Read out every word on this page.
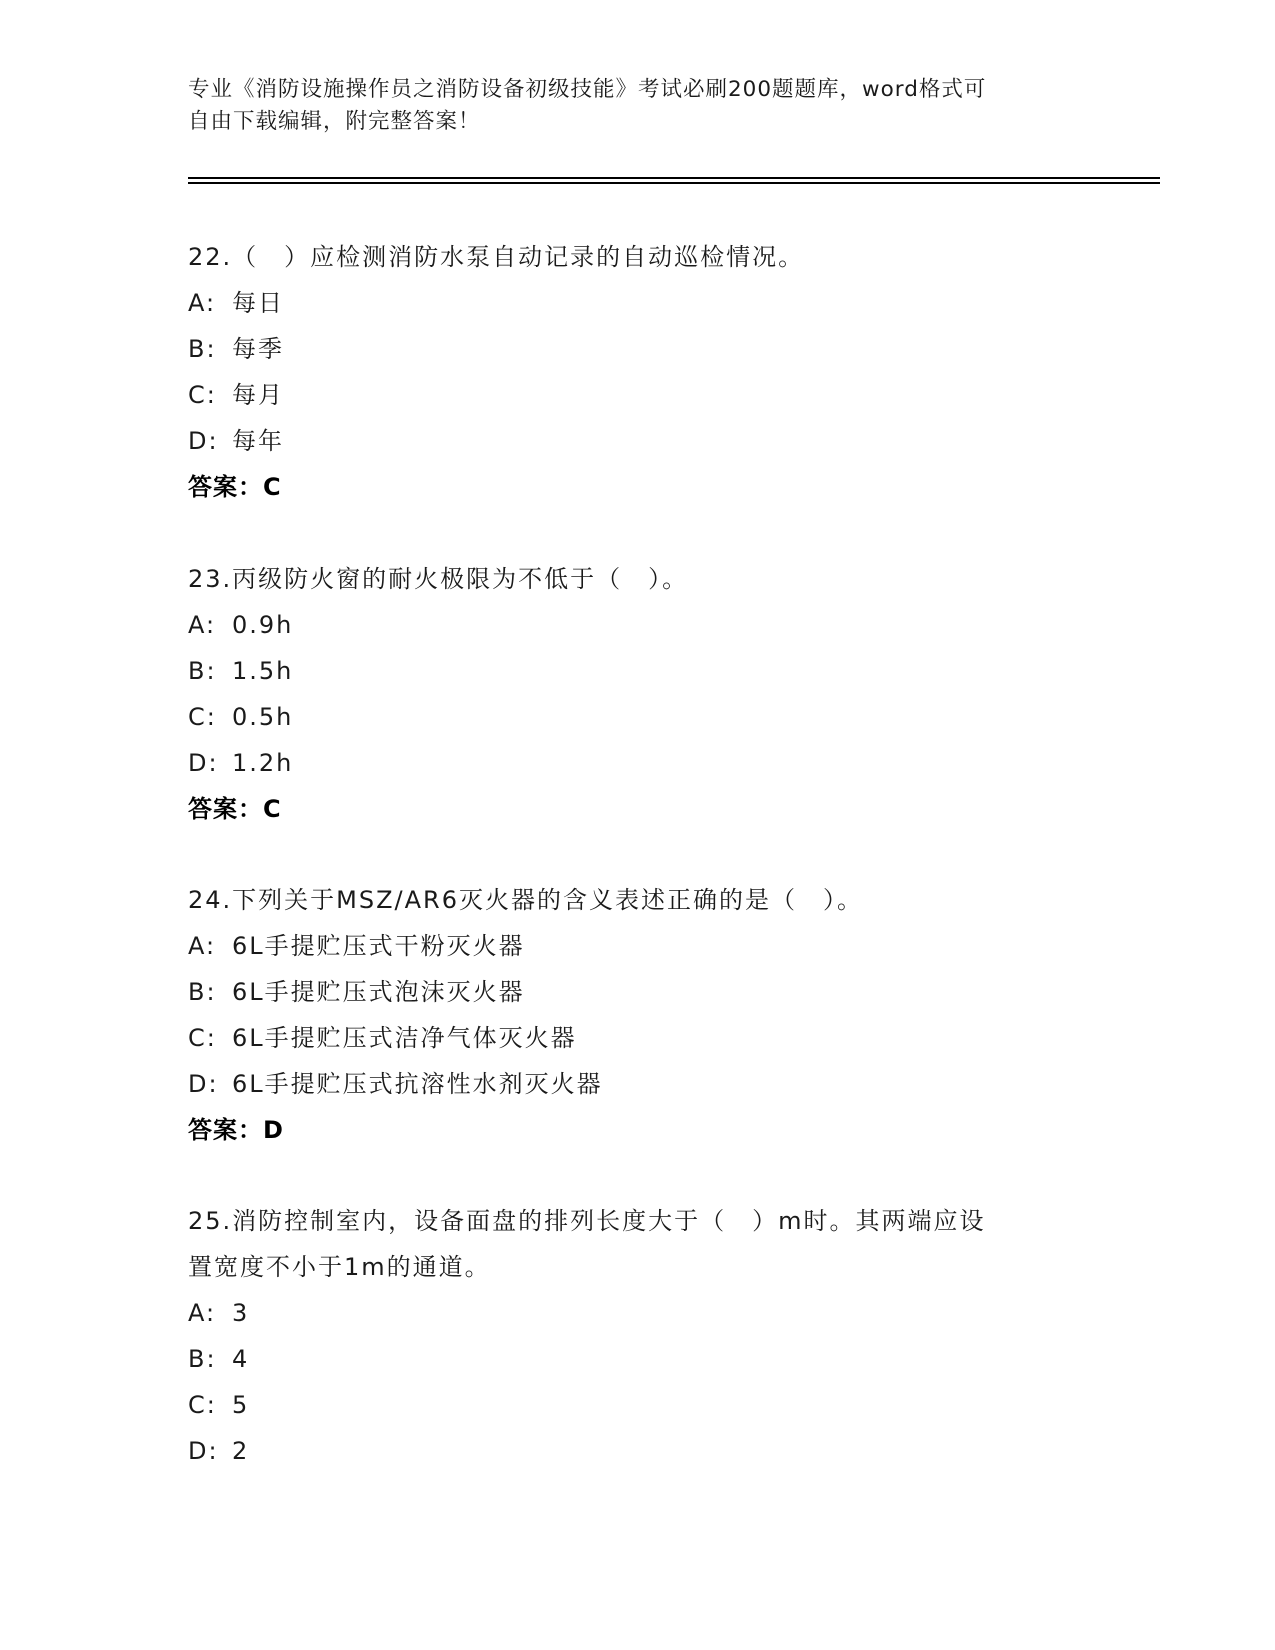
专业《消防设施操作员之消防设备初级技能》考试必刷200题题库，word格式可
自由下载编辑，附完整答案！
22.（　）应检测消防水泵自动记录的自动巡检情况。
A: 每日
B: 每季
C: 每月
D: 每年
答案：C
23.丙级防火窗的耐火极限为不低于（　）。
A: 0.9h
B: 1.5h
C: 0.5h
D: 1.2h
答案：C
24.下列关于MSZ/AR6灭火器的含义表述正确的是（　）。
A: 6L手提贮压式干粉灭火器
B: 6L手提贮压式泡沫灭火器
C: 6L手提贮压式洁净气体灭火器
D: 6L手提贮压式抗溶性水剂灭火器
答案：D
25.消防控制室内，设备面盘的排列长度大于（　）m时。其两端应设
置宽度不小于1m的通道。
A: 3
B: 4
C: 5
D: 2
